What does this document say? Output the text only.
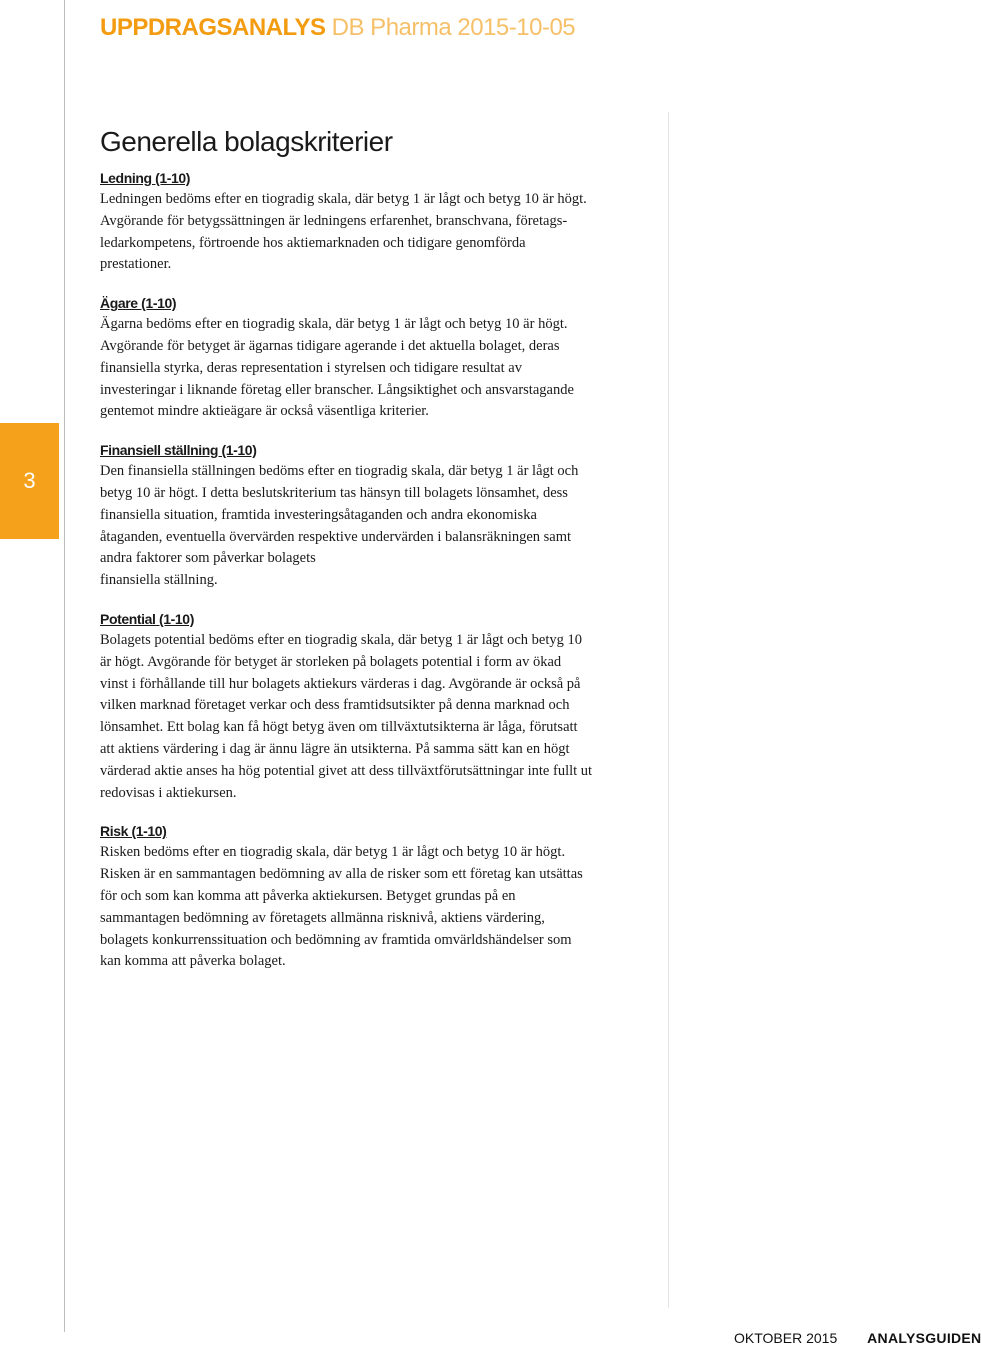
UPPDRAGSANALYS DB Pharma 2015-10-05
3
Generella bolagskriterier
Ledning (1-10)

Ledningen bedöms efter en tiogradig skala, där betyg 1 är lågt och betyg 10 är högt.
Avgörande för betygssättningen är ledningens erfarenhet, branschvana, företags-
ledarkompetens, förtroende hos aktiemarknaden och tidigare genomförda
prestationer.

Ägare (1-10)

Ägarna bedöms efter en tiogradig skala, där betyg 1 är lågt och betyg 10 är högt.
Avgörande för betyget är ägarnas tidigare agerande i det aktuella bolaget, deras
finansiella styrka, deras representation i styrelsen och tidigare resultat av
investeringar i liknande företag eller branscher. Långsiktighet och ansvarstagande
gentemot mindre aktieägare är också väsentliga kriterier.

Finansiell ställning (1-10)

Den finansiella ställningen bedöms efter en tiogradig skala, där betyg 1 är lågt och
betyg 10 är högt. I detta beslutskriterium tas hänsyn till bolagets lönsamhet, dess
finansiella situation, framtida investeringsåtaganden och andra ekonomiska
åtaganden, eventuella övervärden respektive undervärden i balansräkningen samt
andra faktorer som påverkar bolagets
finansiella ställning.

Potential (1-10)

Bolagets potential bedöms efter en tiogradig skala, där betyg 1 är lågt och betyg 10
är högt. Avgörande för betyget är storleken på bolagets potential i form av ökad
vinst i förhållande till hur bolagets aktiekurs värderas i dag. Avgörande är också på
vilken marknad företaget verkar och dess framtidsutsikter på denna marknad och
lönsamhet. Ett bolag kan få högt betyg även om tillväxtutsikterna är låga, förutsatt
att aktiens värdering i dag är ännu lägre än utsikterna. På samma sätt kan en högt
värderad aktie anses ha hög potential givet att dess tillväxtförutsättningar inte fullt ut
redovisas i aktiekursen.

Risk (1-10)

Risken bedöms efter en tiogradig skala, där betyg 1 är lågt och betyg 10 är högt.
Risken är en sammantagen bedömning av alla de risker som ett företag kan utsättas
för och som kan komma att påverka aktiekursen. Betyget grundas på en
sammantagen bedömning av företagets allmänna risknivå, aktiens värdering,
bolagets konkurrenssituation och bedömning av framtida omvärldshändelser som
kan komma att påverka bolaget.

OKTOBER 2015 ANALYSGUIDEN
